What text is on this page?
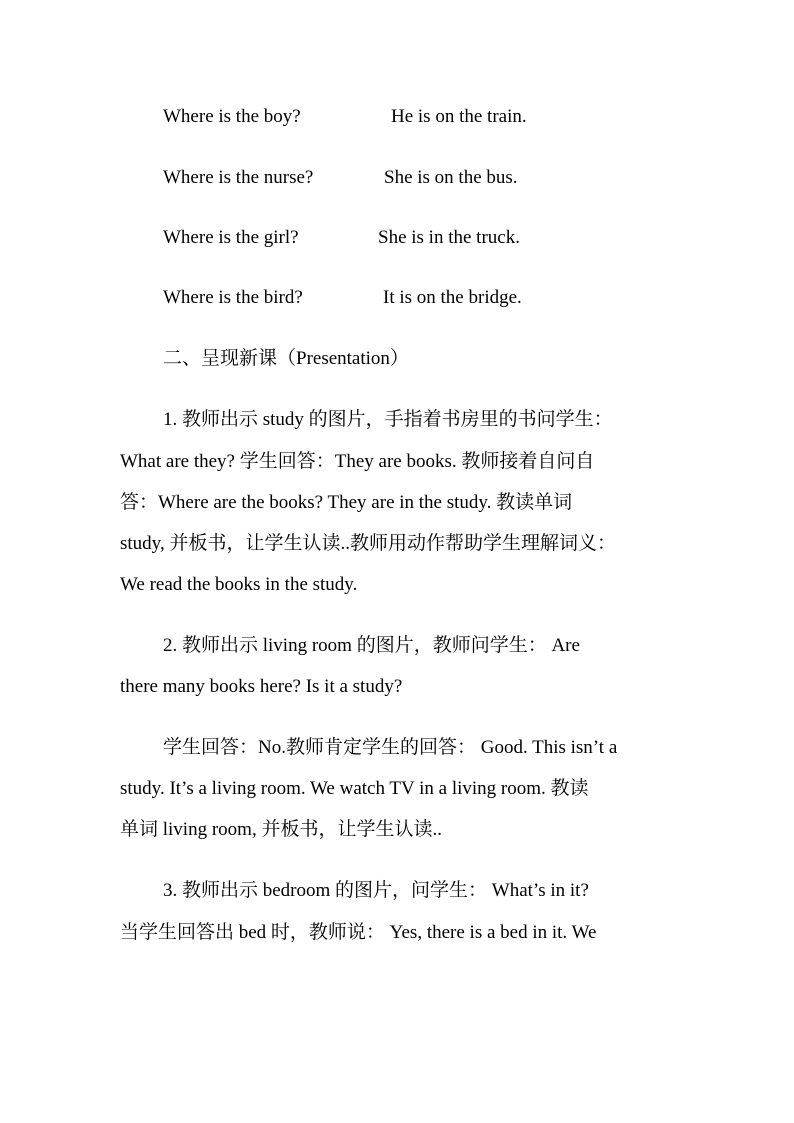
Where is the boy?	He is on the train.
Where is the nurse?	She is on the bus.
Where is the girl?	She is in the truck.
Where is the bird?	It is on the bridge.
二、呈现新课（Presentation）
1. 教师出示 study 的图片，手指着书房里的书问学生：
What are they? 学生回答：They are books. 教师接着自问自
答：Where are the books? They are in the study. 教读单词
study, 并板书，让学生认读..教师用动作帮助学生理解词义：
We read the books in the study.
2. 教师出示 living room 的图片，教师问学生： Are
there many books here? Is it a study?
学生回答：No.教师肯定学生的回答： Good. This isn’t a
study. It’s a living room. We watch TV in a living room. 教读
单词 living room, 并板书，让学生认读..
3. 教师出示 bedroom 的图片，问学生： What’s in it?
当学生回答出 bed 时，教师说： Yes, there is a bed in it. We
